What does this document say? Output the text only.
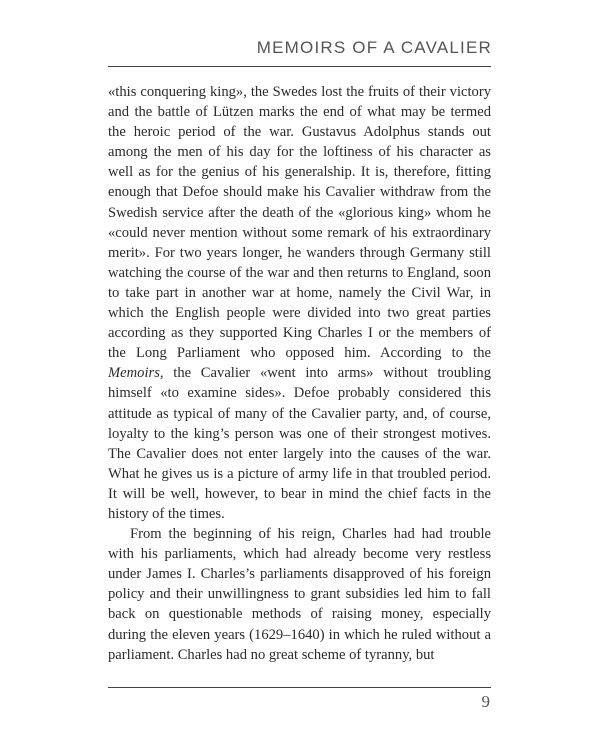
MEMOIRS OF A CAVALIER

«this conquering king», the Swedes lost the fruits of their victory and the battle of Lützen marks the end of what may be termed the heroic period of the war. Gustavus Adolphus stands out among the men of his day for the loftiness of his character as well as for the genius of his generalship. It is, therefore, fitting enough that Defoe should make his Cavalier withdraw from the Swedish service after the death of the «glorious king» whom he «could never mention without some remark of his extraordinary merit». For two years longer, he wanders through Germany still watching the course of the war and then returns to England, soon to take part in another war at home, namely the Civil War, in which the English people were divided into two great parties according as they supported King Charles I or the members of the Long Parliament who opposed him. According to the Memoirs, the Cavalier «went into arms» without troubling himself «to examine sides». Defoe probably considered this attitude as typical of many of the Cavalier party, and, of course, loyalty to the king’s person was one of their strongest motives. The Cavalier does not enter largely into the causes of the war. What he gives us is a picture of army life in that troubled period. It will be well, however, to bear in mind the chief facts in the history of the times.

From the beginning of his reign, Charles had had trouble with his parliaments, which had already become very restless under James I. Charles’s parliaments disapproved of his foreign policy and their unwillingness to grant subsidies led him to fall back on questionable methods of raising money, especially during the eleven years (1629–1640) in which he ruled without a parliament. Charles had no great scheme of tyranny, but

9
